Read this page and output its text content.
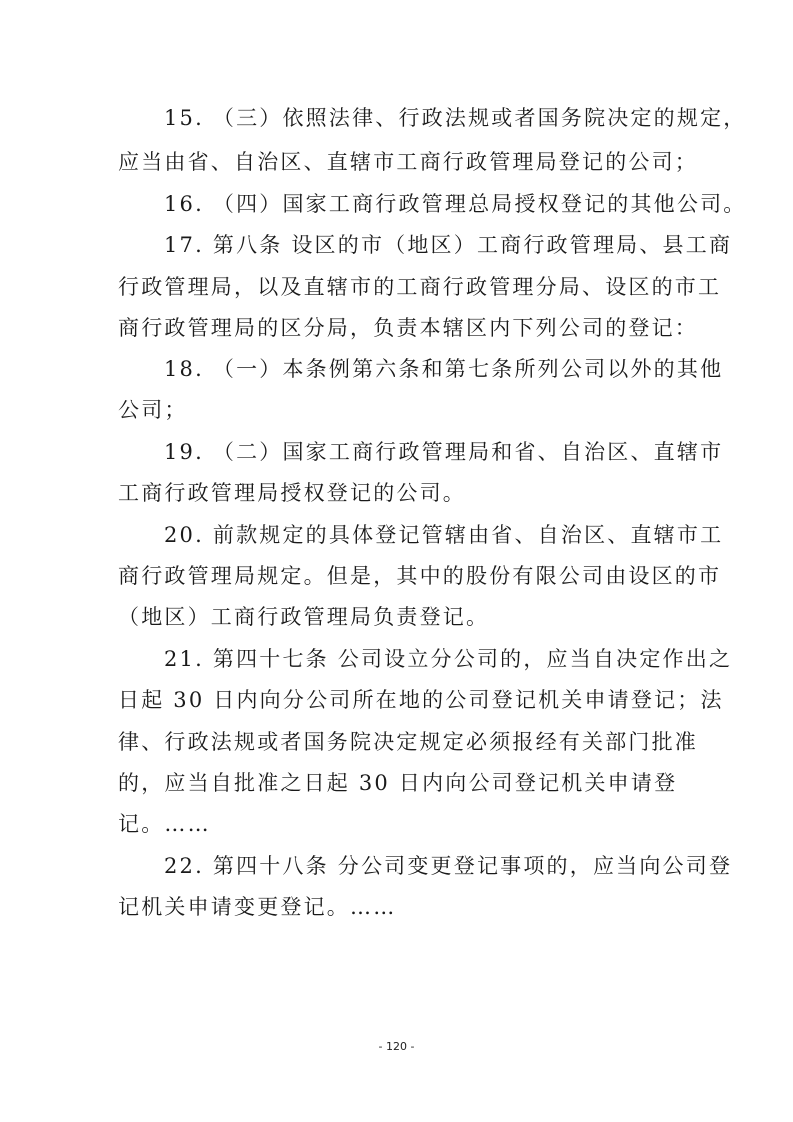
15. （三）依照法律、行政法规或者国务院决定的规定，
应当由省、自治区、直辖市工商行政管理局登记的公司；
16. （四）国家工商行政管理总局授权登记的其他公司。
17. 第八条 设区的市（地区）工商行政管理局、县工商
行政管理局，以及直辖市的工商行政管理分局、设区的市工
商行政管理局的区分局，负责本辖区内下列公司的登记：
18. （一）本条例第六条和第七条所列公司以外的其他
公司；
19. （二）国家工商行政管理局和省、自治区、直辖市
工商行政管理局授权登记的公司。
20. 前款规定的具体登记管辖由省、自治区、直辖市工
商行政管理局规定。但是，其中的股份有限公司由设区的市
（地区）工商行政管理局负责登记。
21. 第四十七条 公司设立分公司的，应当自决定作出之
日起 30 日内向分公司所在地的公司登记机关申请登记；法
律、行政法规或者国务院决定规定必须报经有关部门批准
的，应当自批准之日起 30 日内向公司登记机关申请登
记。……
22. 第四十八条 分公司变更登记事项的，应当向公司登
记机关申请变更登记。……
- 120 -
